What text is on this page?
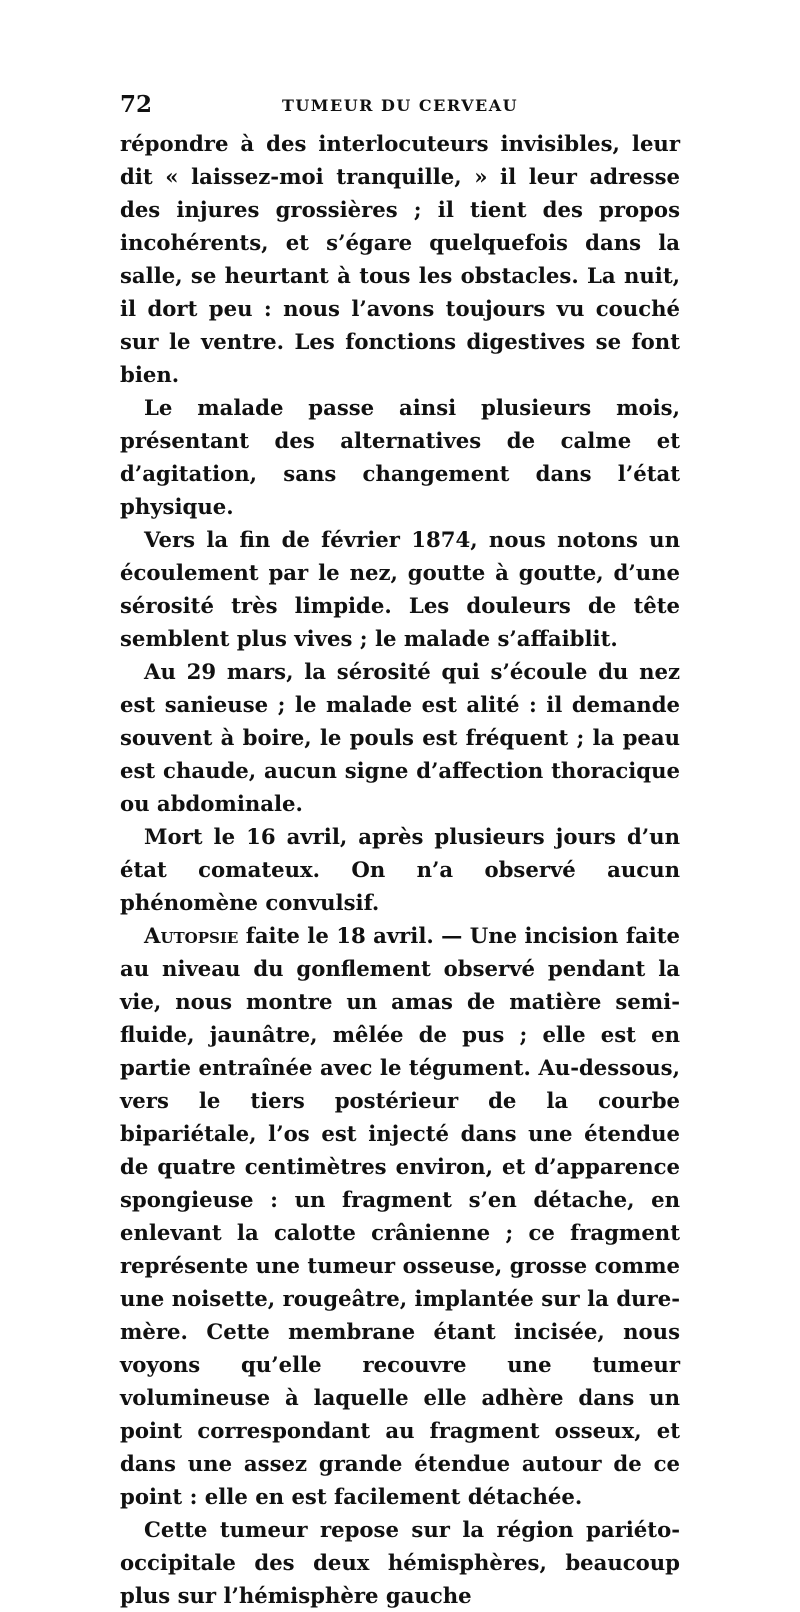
72	TUMEUR DU CERVEAU

répondre à des interlocuteurs invisibles, leur dit « laissez-moi tranquille, » il leur adresse des injures grossières ; il tient des propos incohérents, et s’égare quelquefois dans la salle, se heurtant à tous les obstacles. La nuit, il dort peu : nous l’avons toujours vu couché sur le ventre. Les fonctions digestives se font bien.

Le malade passe ainsi plusieurs mois, présentant des alternatives de calme et d’agitation, sans changement dans l’état physique.

Vers la fin de février 1874, nous notons un écoulement par le nez, goutte à goutte, d’une sérosité très limpide. Les douleurs de tête semblent plus vives ; le malade s’affaiblit.

Au 29 mars, la sérosité qui s’écoule du nez est sanieuse ; le malade est alité : il demande souvent à boire, le pouls est fréquent ; la peau est chaude, aucun signe d’affection thoracique ou abdominale.

Mort le 16 avril, après plusieurs jours d’un état comateux. On n’a observé aucun phénomène convulsif.

Autopsie faite le 18 avril. — Une incision faite au niveau du gonflement observé pendant la vie, nous montre un amas de matière semi-fluide, jaunâtre, mêlée de pus ; elle est en partie entraînée avec le tégument. Au-dessous, vers le tiers postérieur de la courbe bipariétale, l’os est injecté dans une étendue de quatre centimètres environ, et d’apparence spongieuse : un fragment s’en détache, en enlevant la calotte crânienne ; ce fragment représente une tumeur osseuse, grosse comme une noisette, rougeâtre, implantée sur la dure-mère. Cette membrane étant incisée, nous voyons qu’elle recouvre une tumeur volumineuse à laquelle elle adhère dans un point correspondant au fragment osseux, et dans une assez grande étendue autour de ce point : elle en est facilement détachée.

Cette tumeur repose sur la région pariéto-occipitale des deux hémisphères, beaucoup plus sur l’hémisphère gauche
